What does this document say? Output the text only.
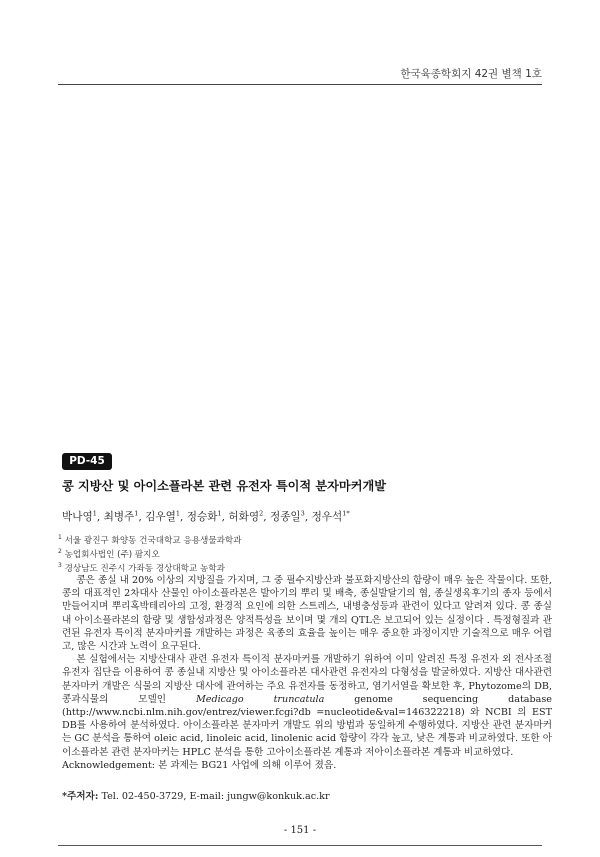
한국육종학회지 42권 별책 1호
PD-45
콩 지방산 및 아이소플라본 관련 유전자 특이적 분자마커개발
박나영$^1$, 최병주$^1$, 김우열$^1$, 정승화$^1$, 허화영$^2$, 정종일$^3$, 정우석$^{1*}$
$^1$ 서울 광진구 화양동 건국대학교 응용생물과학과
$^2$ 농업회사법인 (주) 팜지오
$^3$ 경상남도 진주시 가좌동 경상대학교 농학과

콩은 종실 내 20% 이상의 지방질을 가지며, 그 중 필수지방산과 불포화지방산의 함량이 매우 높은 작물이다. 또한, 콩의 대표적인 2차대사 산물인 아이소플라본은 발아기의 뿌리 및 배축, 종실발달기의 협, 종실생육후기의 종자 등에서 만들어지며 뿌리혹박테리아의 고정, 환경적 요인에 의한 스트레스, 내병충성등과 관련이 있다고 알려져 있다. 콩 종실내 아이소플라본의 함량 및 생합성과정은 양적특성을 보이며 몇 개의 QTL은 보고되어 있는 실정이다 . 특정형질과 관련된 유전자 특이적 분자마커를 개발하는 과정은 육종의 효율을 높이는 매우 중요한 과정이지만 기술적으로 매우 어렵고, 많은 시간과 노력이 요구된다.

본 실험에서는 지방산대사 관련 유전자 특이적 분자마커를 개발하기 위하여 이미 알려진 특정 유전자 외 전사조절유전자 집단을 이용하여 콩 종실내 지방산 및 아이소플라본 대사관련 유전자의 다형성을 발굴하였다. 지방산 대사관련 분자마커 개발은 식물의 지방산 대사에 관여하는 주요 유전자를 동정하고, 염기서열을 확보한 후, Phytozome의 DB, 콩과식물의 모델인	Medicago truncatula	genome sequencing database (http://www.ncbi.nlm.nih.gov/entrez/viewer.fcgi?db =nucleotide&val=146322218) 와 NCBI 의 EST DB를 사용하여 분석하였다. 아이소플라본 분자마커 개발도 위의 방법과 동일하게 수행하였다. 지방산 관련 분자마커는 GC 분석을 통하여 oleic acid, linoleic acid, linolenic acid 함량이 각각 높고, 낮은 계통과 비교하였다. 또한 아이소플라본 관련 분자마커는 HPLC 분석을 통한 고아이소플라본 계통과 저아이소플라본 계통과 비교하였다.

Acknowledgement: 본 과제는 BG21 사업에 의해 이루어 졌음.

*주저자: Tel. 02-450-3729, E-mail: jungw@konkuk.ac.kr
- 151 -
